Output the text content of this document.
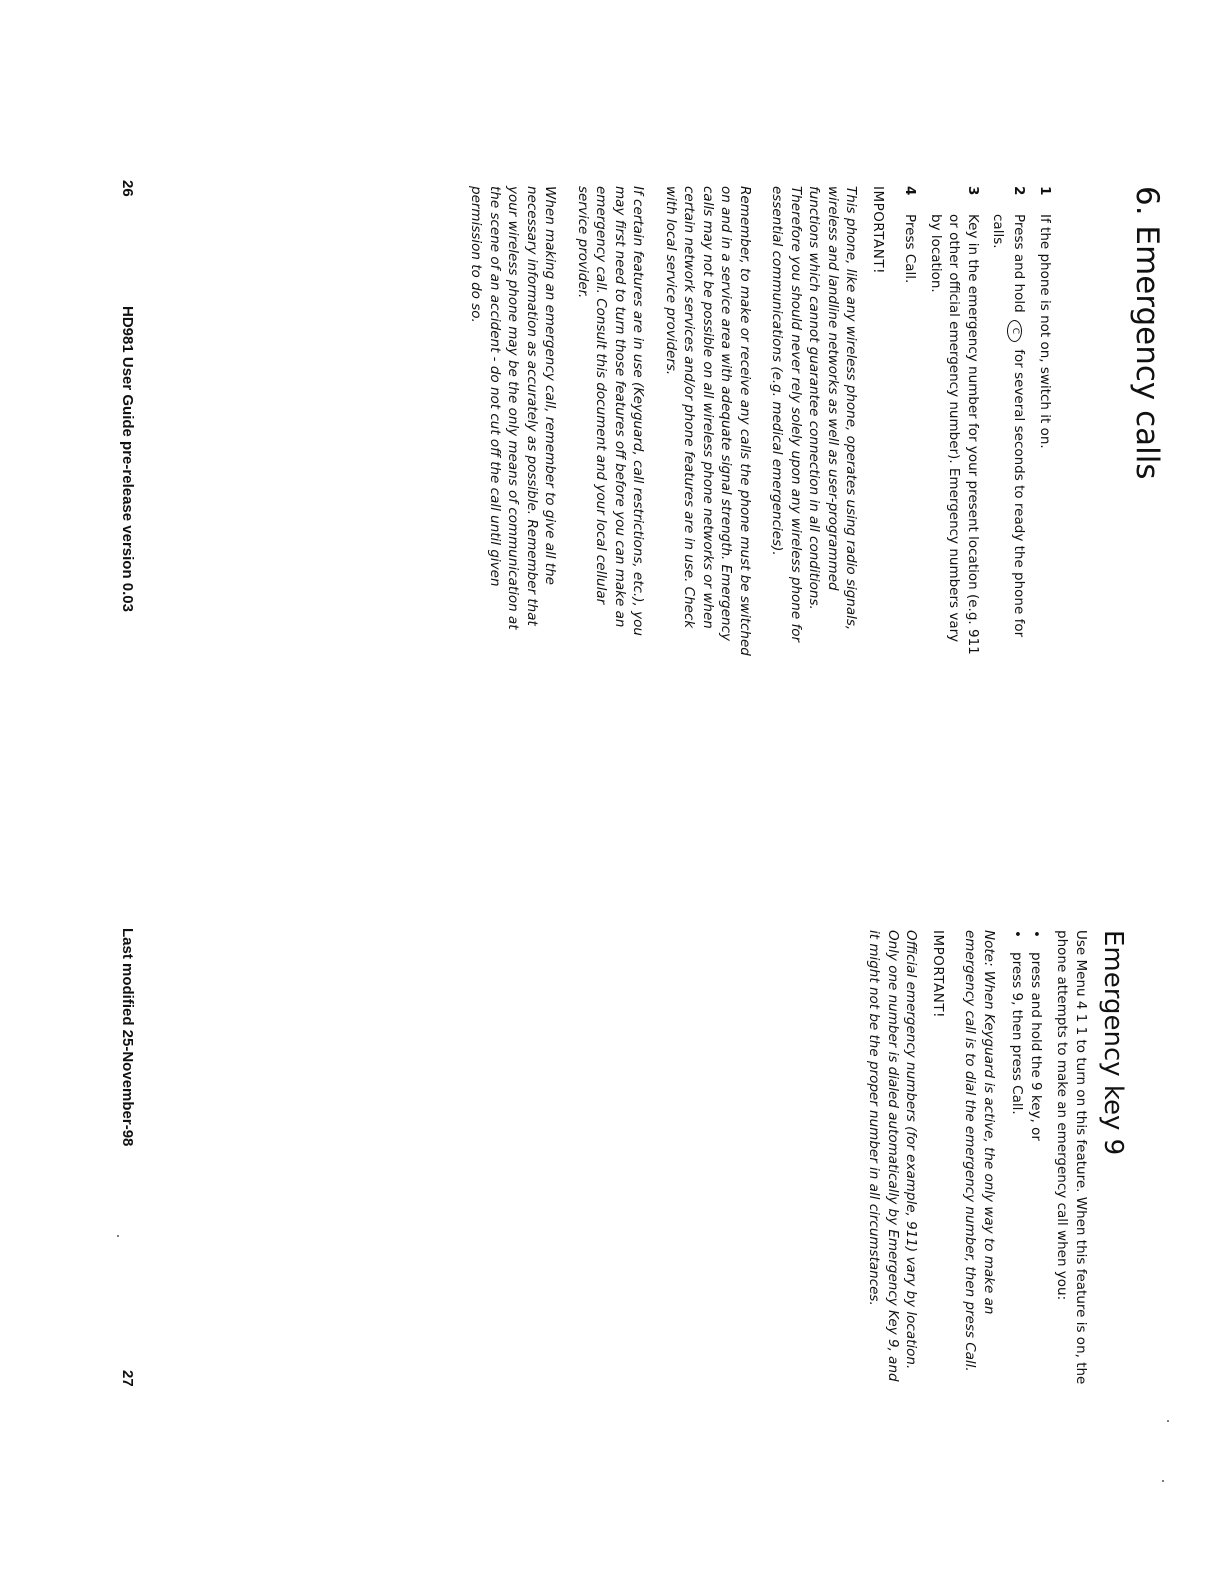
6. Emergency calls
1
If the phone is not on, switch it on.
2
Press and hold C for several seconds to ready the phone for calls.
3
Key in the emergency number for your present location (e.g. 911 or other official emergency number). Emergency numbers vary by location.
4
Press Call.
IMPORTANT!

This phone, like any wireless phone, operates using radio signals, wireless and landline networks as well as user-programmed functions which cannot guarantee connection in all conditions. Therefore you should never rely solely upon any wireless phone for essential communications (e.g. medical emergencies).

Remember, to make or receive any calls the phone must be switched on and in a service area with adequate signal strength. Emergency calls may not be possible on all wireless phone networks or when certain network services and/or phone features are in use. Check with local service providers.

If certain features are in use (Keyguard, call restrictions, etc.), you may first need to turn those features off before you can make an emergency call. Consult this document and your local cellular service provider.

When making an emergency call, remember to give all the necessary information as accurately as possible. Remember that your wireless phone may be the only means of communication at the scene of an accident - do not cut off the call until given permission to do so.

Emergency key 9

Use Menu 4 1 1 to turn on this feature. When this feature is on, the phone attempts to make an emergency call when you:

• press and hold the 9 key, or
• press 9, then press Call.

Note: When Keyguard is active, the only way to make an emergency call is to dial the emergency number, then press Call.

IMPORTANT!

Official emergency numbers (for example, 911) vary by location. Only one number is dialed automatically by Emergency Key 9, and it might not be the proper number in all circumstances.

26
HD981 User Guide pre-release version 0.03
Last modified 25-November-98
27
